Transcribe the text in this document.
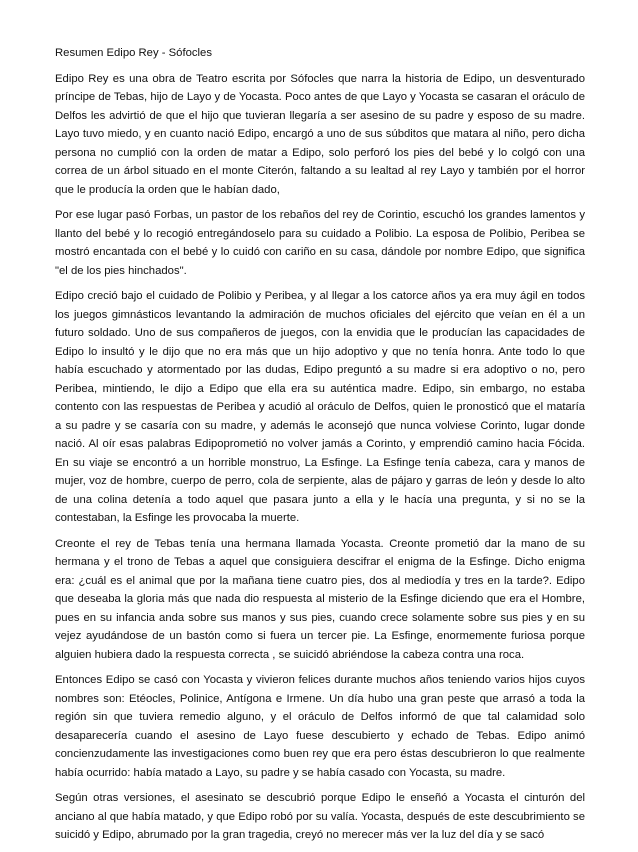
Resumen Edipo Rey - Sófocles

Edipo Rey es una obra de Teatro escrita por Sófocles que narra la historia de Edipo, un desventurado príncipe de Tebas, hijo de Layo y de Yocasta. Poco antes de que Layo y Yocasta se casaran el oráculo de Delfos les advirtió de que el hijo que tuvieran llegaría a ser asesino de su padre y esposo de su madre. Layo tuvo miedo, y en cuanto nació Edipo, encargó a uno de sus súbditos que matara al niño, pero dicha persona no cumplió con la orden de matar a Edipo, solo perforó los pies del bebé y lo colgó con una correa de un árbol situado en el monte Citerón, faltando a su lealtad al rey Layo y también por el horror que le producía la orden que le habían dado,

Por ese lugar pasó Forbas, un pastor de los rebaños del rey de Corintio, escuchó los grandes lamentos y llanto del bebé y lo recogió entregándoselo para su cuidado a Polibio. La esposa de Polibio, Peribea se mostró encantada con el bebé y lo cuidó con cariño en su casa, dándole por nombre Edipo, que significa "el de los pies hinchados".

Edipo creció bajo el cuidado de Polibio y Peribea, y al llegar a los catorce años ya era muy ágil en todos los juegos gimnásticos levantando la admiración de muchos oficiales del ejército que veían en él a un futuro soldado. Uno de sus compañeros de juegos, con la envidia que le producían las capacidades de Edipo lo insultó y le dijo que no era más que un hijo adoptivo y que no tenía honra. Ante todo lo que había escuchado y atormentado por las dudas, Edipo preguntó a su madre si era adoptivo o no, pero Peribea, mintiendo, le dijo a Edipo que ella era su auténtica madre. Edipo, sin embargo, no estaba contento con las respuestas de Peribea y acudió al oráculo de Delfos, quien le pronosticó que el mataría a su padre y se casaría con su madre, y además le aconsejó que nunca volviese Corinto, lugar donde nació. Al oír esas palabras Edipoprometió no volver jamás a Corinto, y emprendió camino hacia Fócida. En su viaje se encontró a un horrible monstruo, La Esfinge. La Esfinge tenía cabeza, cara y manos de mujer, voz de hombre, cuerpo de perro, cola de serpiente, alas de pájaro y garras de león y desde lo alto de una colina detenía a todo aquel que pasara junto a ella y le hacía una pregunta, y si no se la contestaban, la Esfinge les provocaba la muerte.

Creonte el rey de Tebas tenía una hermana llamada Yocasta. Creonte prometió dar la mano de su hermana y el trono de Tebas a aquel que consiguiera descifrar el enigma de la Esfinge. Dicho enigma era: ¿cuál es el animal que por la mañana tiene cuatro pies, dos al mediodía y tres en la tarde?. Edipo que deseaba la gloria más que nada dio respuesta al misterio de la Esfinge diciendo que era el Hombre, pues en su infancia anda sobre sus manos y sus pies, cuando crece solamente sobre sus pies y en su vejez ayudándose de un bastón como si fuera un tercer pie. La Esfinge, enormemente furiosa porque alguien hubiera dado la respuesta correcta , se suicidó abriéndose la cabeza contra una roca.

Entonces Edipo se casó con Yocasta y vivieron felices durante muchos años teniendo varios hijos cuyos nombres son: Etéocles, Polinice, Antígona e Irmene. Un día hubo una gran peste que arrasó a toda la región sin que tuviera remedio alguno, y el oráculo de Delfos informó de que tal calamidad solo desaparecería cuando el asesino de Layo fuese descubierto y echado de Tebas. Edipo animó concienzudamente las investigaciones como buen rey que era pero éstas descubrieron lo que realmente había ocurrido: había matado a Layo, su padre y se había casado con Yocasta, su madre.

Según otras versiones, el asesinato se descubrió porque Edipo le enseñó a Yocasta el cinturón del anciano al que había matado, y que Edipo robó por su valía. Yocasta, después de este descubrimiento se suicidó y Edipo, abrumado por la gran tragedia, creyó no merecer más ver la luz del día y se sacó
